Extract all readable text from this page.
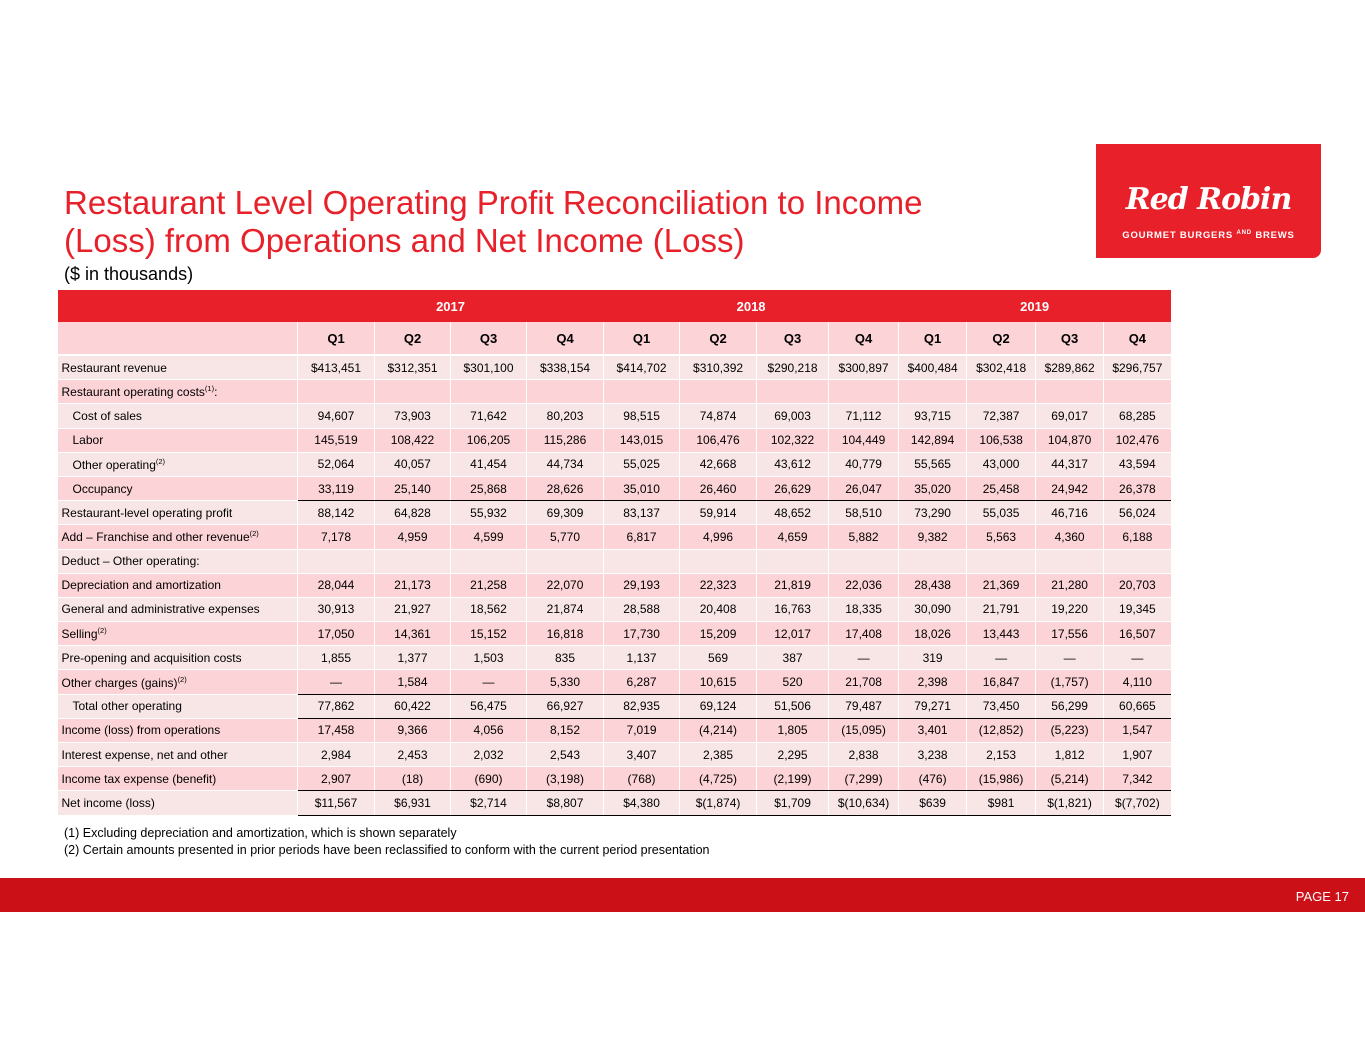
Restaurant Level Operating Profit Reconciliation to Income
(Loss) from Operations and Net Income (Loss)
($ in thousands)
Red Robin
GOURMET BURGERS $^{AND}$ BREWS
	2017				2018				2019			
	Q1	Q2	Q3	Q4	Q1	Q2	Q3	Q4	Q1	Q2	Q3	Q4
Restaurant revenue	$413,451	$312,351	$301,100	$338,154	$414,702	$310,392	$290,218	$300,897	$400,484	$302,418	$289,862	$296,757
Restaurant operating costs$^{(1)}$:												
Cost of sales	94,607	73,903	71,642	80,203	98,515	74,874	69,003	71,112	93,715	72,387	69,017	68,285
Labor	145,519	108,422	106,205	115,286	143,015	106,476	102,322	104,449	142,894	106,538	104,870	102,476
Other operating$^{(2)}$	52,064	40,057	41,454	44,734	55,025	42,668	43,612	40,779	55,565	43,000	44,317	43,594
Occupancy	33,119	25,140	25,868	28,626	35,010	26,460	26,629	26,047	35,020	25,458	24,942	26,378
Restaurant-level operating profit	88,142	64,828	55,932	69,309	83,137	59,914	48,652	58,510	73,290	55,035	46,716	56,024
Add – Franchise and other revenue$^{(2)}$	7,178	4,959	4,599	5,770	6,817	4,996	4,659	5,882	9,382	5,563	4,360	6,188
Deduct – Other operating:												
Depreciation and amortization	28,044	21,173	21,258	22,070	29,193	22,323	21,819	22,036	28,438	21,369	21,280	20,703
General and administrative expenses	30,913	21,927	18,562	21,874	28,588	20,408	16,763	18,335	30,090	21,791	19,220	19,345
Selling$^{(2)}$	17,050	14,361	15,152	16,818	17,730	15,209	12,017	17,408	18,026	13,443	17,556	16,507
Pre-opening and acquisition costs	1,855	1,377	1,503	835	1,137	569	387	—	319	—	—	—
Other charges (gains)$^{(2)}$	—	1,584	—	5,330	6,287	10,615	520	21,708	2,398	16,847	(1,757)	4,110
Total other operating	77,862	60,422	56,475	66,927	82,935	69,124	51,506	79,487	79,271	73,450	56,299	60,665
Income (loss) from operations	17,458	9,366	4,056	8,152	7,019	(4,214)	1,805	(15,095)	3,401	(12,852)	(5,223)	1,547
Interest expense, net and other	2,984	2,453	2,032	2,543	3,407	2,385	2,295	2,838	3,238	2,153	1,812	1,907
Income tax expense (benefit)	2,907	(18)	(690)	(3,198)	(768)	(4,725)	(2,199)	(7,299)	(476)	(15,986)	(5,214)	7,342
Net income (loss)	$11,567	$6,931	$2,714	$8,807	$4,380	$(1,874)	$1,709	$(10,634)	$639	$981	$(1,821)	$(7,702)
(1) Excluding depreciation and amortization, which is shown separately
(2) Certain amounts presented in prior periods have been reclassified to conform with the current period presentation
PAGE 17
